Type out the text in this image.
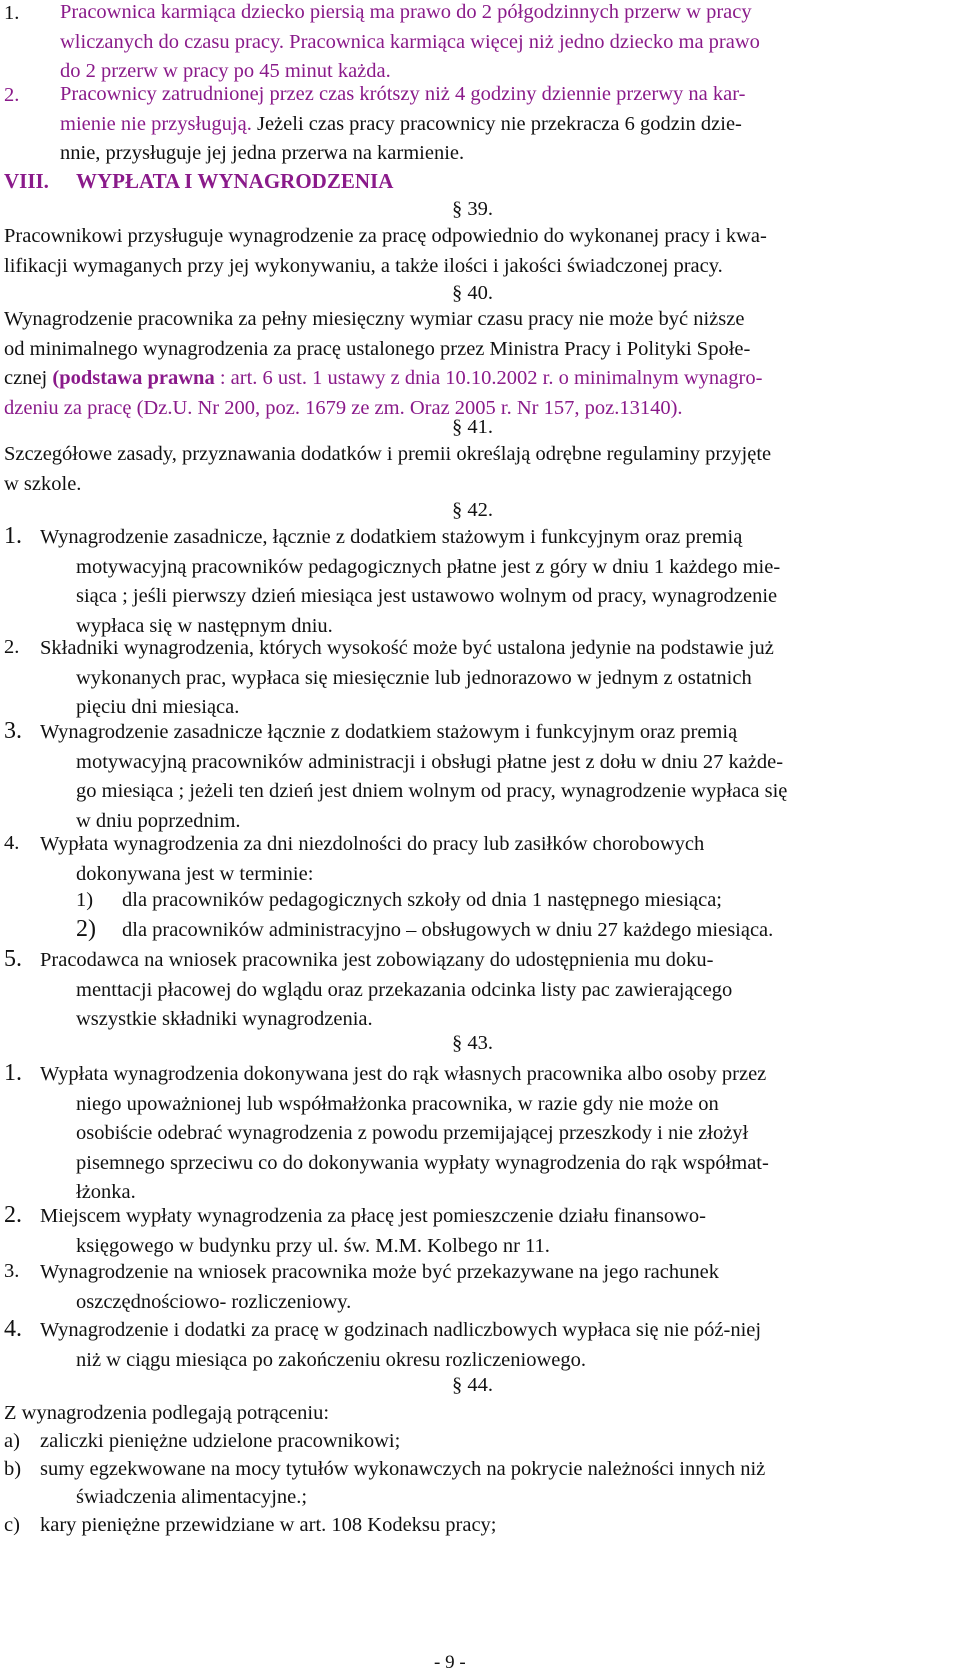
1. Pracownica karmiąca dziecko piersią ma prawo do 2 półgodzinnych przerw w pracy
wliczanych do czasu pracy. Pracownica karmiąca więcej niż jedno dziecko ma prawo
do 2 przerw w pracy po 45 minut każda.
2. Pracownicy zatrudnionej przez czas krótszy niż 4 godziny dziennie przerwy na kar-
mienie nie przysługują. Jeżeli czas pracy pracownicy nie przekracza 6 godzin dzie-
nnie, przysługuje jej jedna przerwa na karmienie.
VIII. WYPŁATA I WYNAGRODZENIA
§ 39.
Pracownikowi przysługuje wynagrodzenie za pracę odpowiednio do wykonanej pracy i kwa-
lifikacji wymaganych przy jej wykonywaniu, a także ilości i jakości świadczonej pracy.
§ 40.
Wynagrodzenie pracownika za pełny miesięczny wymiar czasu pracy nie może być niższe
od minimalnego wynagrodzenia za pracę ustalonego przez Ministra Pracy i Polityki Społe-
cznej (podstawa prawna : art. 6 ust. 1 ustawy z dnia 10.10.2002 r. o minimalnym wynagro-
dzeniu za pracę (Dz.U. Nr 200, poz. 1679 ze zm. Oraz 2005 r. Nr 157, poz.13140).
§ 41.
Szczegółowe zasady, przyznawania dodatków i premii określają odrębne regulaminy przyjęte
w szkole.
§ 42.
1. Wynagrodzenie zasadnicze, łącznie z dodatkiem stażowym i funkcyjnym oraz premią
motywacyjną pracowników pedagogicznych płatne jest z góry w dniu 1 każdego mie-
siąca ; jeśli pierwszy dzień miesiąca jest ustawowo wolnym od pracy, wynagrodzenie
wypłaca się w następnym dniu.
2. Składniki wynagrodzenia, których wysokość może być ustalona jedynie na podstawie już
wykonanych prac, wypłaca się miesięcznie lub jednorazowo w jednym z ostatnich
pięciu dni miesiąca.
3. Wynagrodzenie zasadnicze łącznie z dodatkiem stażowym i funkcyjnym oraz premią
motywacyjną pracowników administracji i obsługi płatne jest z dołu w dniu 27 każde-
go miesiąca ; jeżeli ten dzień jest dniem wolnym od pracy, wynagrodzenie wypłaca się
w dniu poprzednim.
4. Wypłata wynagrodzenia za dni niezdolności do pracy lub zasiłków chorobowych
dokonywana jest w terminie:
1) dla pracowników pedagogicznych szkoły od dnia 1 następnego miesiąca;
2) dla pracowników administracyjno – obsługowych w dniu 27 każdego miesiąca.
5. Pracodawca na wniosek pracownika jest zobowiązany do udostępnienia mu doku-
menttacji płacowej do wglądu oraz przekazania odcinka listy pac zawierającego
wszystkie składniki wynagrodzenia.
§ 43.
1. Wypłata wynagrodzenia dokonywana jest do rąk własnych pracownika albo osoby przez
niego upoważnionej lub współmałżonka pracownika, w razie gdy nie może on
osobiście odebrać wynagrodzenia z powodu przemijającej przeszkody i nie złożył
pisemnego sprzeciwu co do dokonywania wypłaty wynagrodzenia do rąk współmat-
łżonka.
2. Miejscem wypłaty wynagrodzenia za płacę jest pomieszczenie działu finansowo-
księgowego w budynku przy ul. św. M.M. Kolbego nr 11.
3. Wynagrodzenie na wniosek pracownika może być przekazywane na jego rachunek
oszczędnościowo- rozliczeniowy.
4. Wynagrodzenie i dodatki za pracę w godzinach nadliczbowych wypłaca się nie póź-niej
niż w ciągu miesiąca po zakończeniu okresu rozliczeniowego.
§ 44.
Z wynagrodzenia podlegają potrąceniu:
a) zaliczki pieniężne udzielone pracownikowi;
b) sumy egzekwowane na mocy tytułów wykonawczych na pokrycie należności innych niż
świadczenia alimentacyjne.;
c) kary pieniężne przewidziane w art. 108 Kodeksu pracy;
- 9 -
